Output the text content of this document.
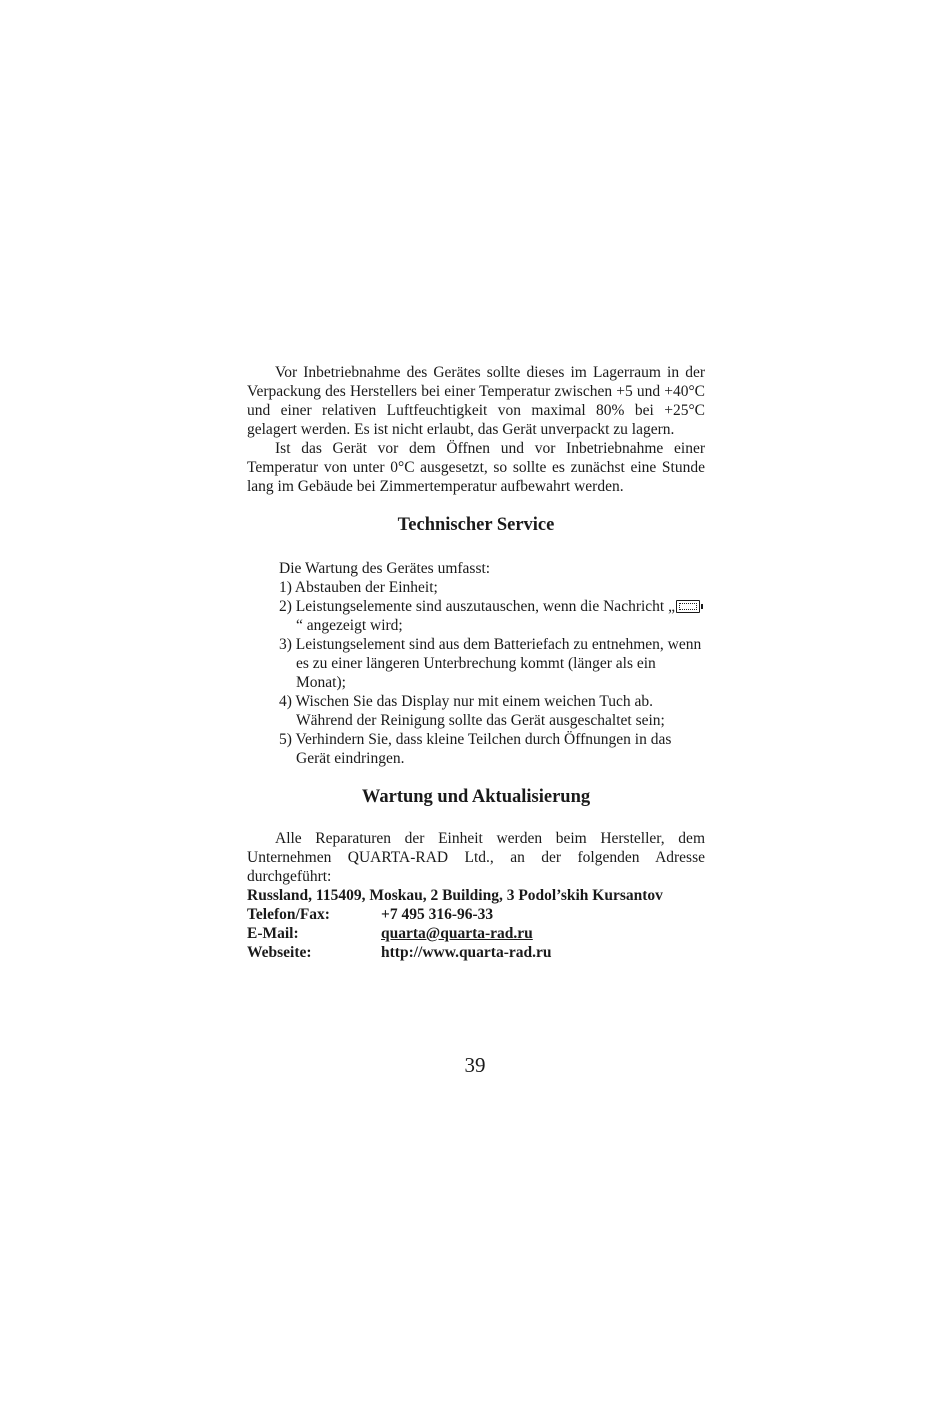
Vor Inbetriebnahme des Gerätes sollte dieses im Lagerraum in der Verpackung des Herstellers bei einer Temperatur zwischen +5 und +40°C und einer relativen Luftfeuchtigkeit von maximal 80% bei +25°C gelagert werden. Es ist nicht erlaubt, das Gerät unverpackt zu lagern.

Ist das Gerät vor dem Öffnen und vor Inbetriebnahme einer Temperatur von unter 0°C ausgesetzt, so sollte es zunächst eine Stunde lang im Gebäude bei Zimmertemperatur aufbewahrt werden.

Technischer Service

Die Wartung des Gerätes umfasst:

1) Abstauben der Einheit;

2) Leistungselemente sind auszutauschen, wenn die Nachricht „“ angezeigt wird;

3) Leistungselement sind aus dem Batteriefach zu entnehmen, wenn es zu einer längeren Unterbrechung kommt (länger als ein Monat);

4) Wischen Sie das Display nur mit einem weichen Tuch ab. Während der Reinigung sollte das Gerät ausgeschaltet sein;

5) Verhindern Sie, dass kleine Teilchen durch Öffnungen in das Gerät eindringen.

Wartung und Aktualisierung

Alle Reparaturen der Einheit werden beim Hersteller, dem Unternehmen QUARTA-RAD Ltd., an der folgenden Adresse durchgeführt:

Russland, 115409, Moskau, 2 Building, 3 Podol’skih Kursantov

Telefon/Fax:	+7 495 316-96-33
E-Mail:	quarta@quarta-rad.ru
Webseite:	http://www.quarta-rad.ru
39
